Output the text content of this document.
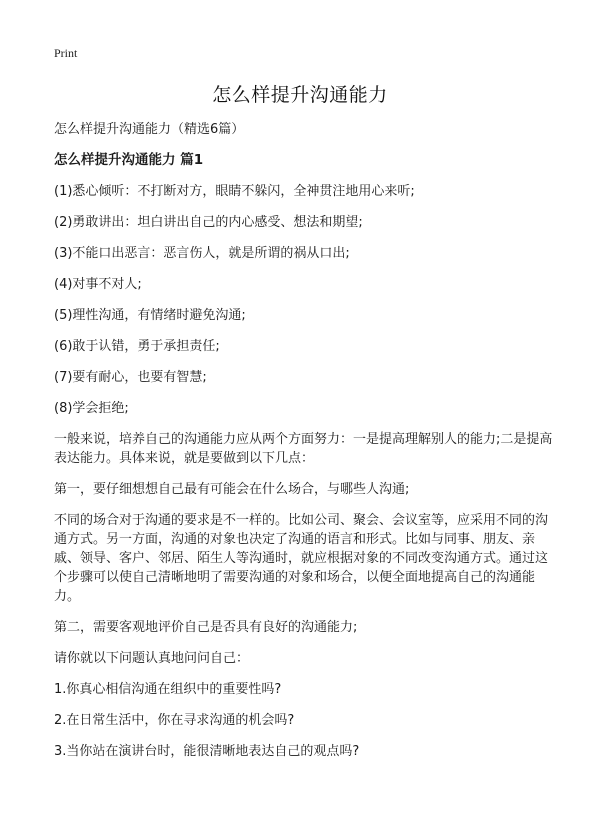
Print
怎么样提升沟通能力

怎么样提升沟通能力（精选6篇）

怎么样提升沟通能力 篇1

(1)悉心倾听：不打断对方，眼睛不躲闪，全神贯注地用心来听;

(2)勇敢讲出：坦白讲出自己的内心感受、想法和期望;

(3)不能口出恶言：恶言伤人，就是所谓的祸从口出;

(4)对事不对人;

(5)理性沟通，有情绪时避免沟通;

(6)敢于认错，勇于承担责任;

(7)要有耐心，也要有智慧;

(8)学会拒绝;

一般来说，培养自己的沟通能力应从两个方面努力：一是提高理解别人的能力;二是提高表达能力。具体来说，就是要做到以下几点：

第一，要仔细想想自己最有可能会在什么场合，与哪些人沟通;

不同的场合对于沟通的要求是不一样的。比如公司、聚会、会议室等，应采用不同的沟通方式。另一方面，沟通的对象也决定了沟通的语言和形式。比如与同事、朋友、亲戚、领导、客户、邻居、陌生人等沟通时，就应根据对象的不同改变沟通方式。通过这个步骤可以使自己清晰地明了需要沟通的对象和场合，以便全面地提高自己的沟通能力。

第二，需要客观地评价自己是否具有良好的沟通能力;

请你就以下问题认真地问问自己：

1.你真心相信沟通在组织中的重要性吗?

2.在日常生活中，你在寻求沟通的机会吗?

3.当你站在演讲台时，能很清晰地表达自己的观点吗?
